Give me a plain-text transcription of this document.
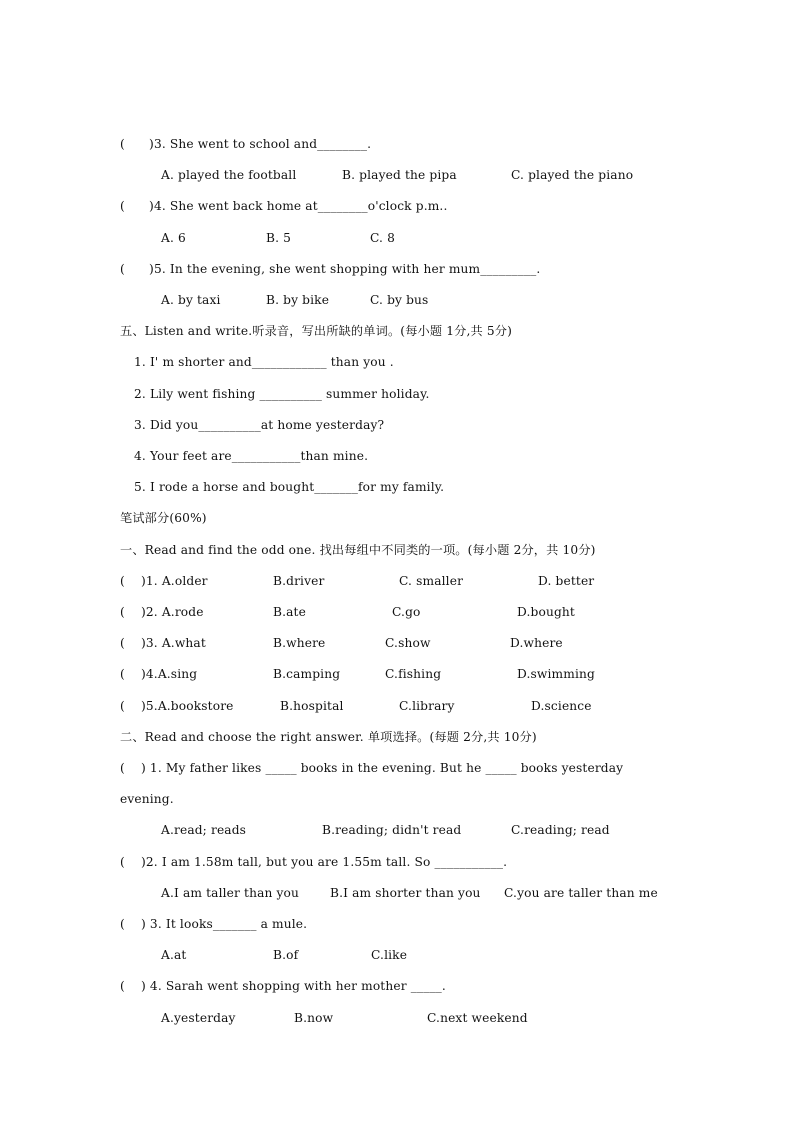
(      )3. She went to school and________.
A. played the football	B. played the pipa	C. played the piano
(      )4. She went back home at________o'clock p.m..
A. 6	B. 5	C. 8
(      )5. In the evening, she went shopping with her mum_________.
A. by taxi	B. by bike	C. by bus
五、Listen and write.听录音，写出所缺的单词。(每小题 1分,共 5分)
1. I' m shorter and____________ than you .
2. Lily went fishing __________ summer holiday.
3. Did you__________at home yesterday?
4. Your feet are___________than mine.
5. I rode a horse and bought_______for my family.
笔试部分(60%)
一、Read and find the odd one. 找出每组中不同类的一项。(每小题 2分，共 10分)
(    )1. A.older	B.driver	C. smaller	D. better
(    )2. A.rode	B.ate	C.go	D.bought
(    )3. A.what	B.where	C.show	D.where
(    )4.A.sing	B.camping	C.fishing	D.swimming
(    )5.A.bookstore	B.hospital	C.library	D.science
二、Read and choose the right answer. 单项选择。(每题 2分,共 10分)
(    ) 1. My father likes _____ books in the evening. But he _____ books yesterday
evening.
A.read; reads	B.reading; didn't read	C.reading; read
(    )2. I am 1.58m tall, but you are 1.55m tall. So ___________.
A.I am taller than you	B.I am shorter than you C.you are taller than me
(    ) 3. It looks_______ a mule.
A.at	B.of	C.like
(    ) 4. Sarah went shopping with her mother _____.
A.yesterday	B.now	C.next weekend
